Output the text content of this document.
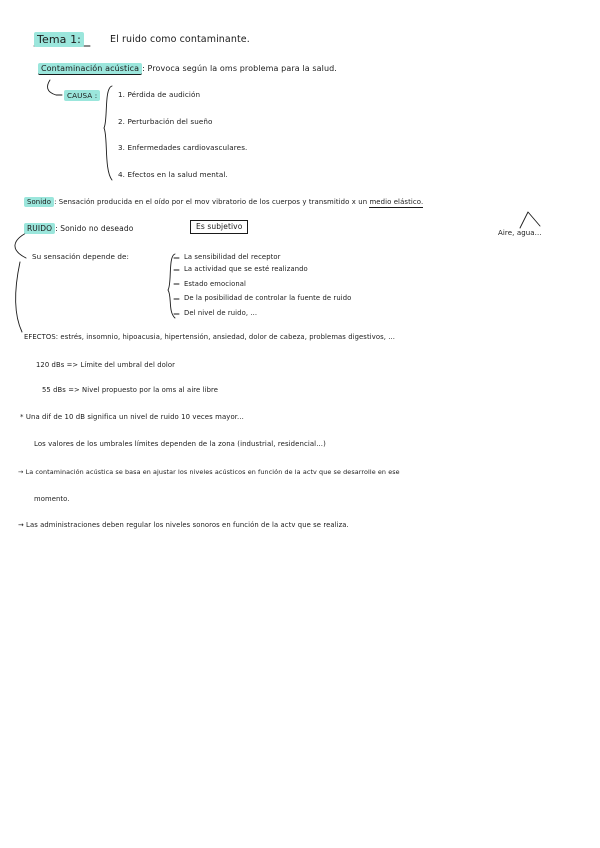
Tema 1:	El ruido como contaminante.
Contaminación acústica : Provoca según la oms problema para la salud.
CAUSA :	1. Pérdida de audición
2. Perturbación del sueño
3. Enfermedades cardiovasculares.
4. Efectos en la salud mental.
Sonido : Sensación producida en el oído por el mov vibratorio de los cuerpos y transmitido x un medio elástico.
Aire, agua...
RUIDO : Sonido no deseado	Es subjetivo
Su sensación depende de:	La sensibilidad del receptor
La actividad que se esté realizando
Estado emocional
De la posibilidad de controlar la fuente de ruido
Del nivel de ruido, ...
EFECTOS: estrés, insomnio, hipoacusia, hipertensión, ansiedad, dolor de cabeza, problemas digestivos, ...
120 dBs => Límite del umbral del dolor
55 dBs => Nivel propuesto por la oms al aire libre
* Una dif de 10 dB significa un nivel de ruido 10 veces mayor...
Los valores de los umbrales límites dependen de la zona (industrial, residencial...)
→ La contaminación acústica se basa en ajustar los niveles acústicos en función de la actv que se desarrolle en ese
momento.
→ Las administraciones deben regular los niveles sonoros en función de la actv que se realiza.
